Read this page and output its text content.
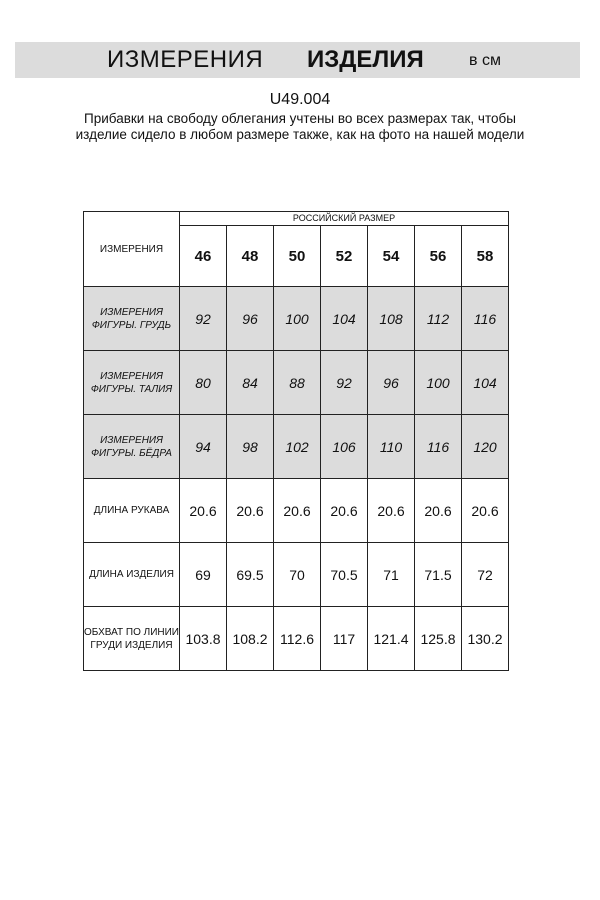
ИЗМЕРЕНИЯ ИЗДЕЛИЯ	в см
U49.004
Прибавки на свободу облегания учтены во всех размерах так, чтобы изделие сидело в любом размере также, как на фото на нашей модели
ИЗМЕРЕНИЯ	РОССИЙСКИЙ РАЗМЕР						
	46	48	50	52	54	56	58
ИЗМЕРЕНИЯ ФИГУРЫ. ГРУДЬ	92	96	100	104	108	112	116
ИЗМЕРЕНИЯ ФИГУРЫ. ТАЛИЯ	80	84	88	92	96	100	104
ИЗМЕРЕНИЯ ФИГУРЫ. БЁДРА	94	98	102	106	110	116	120
ДЛИНА РУКАВА	20.6	20.6	20.6	20.6	20.6	20.6	20.6
ДЛИНА ИЗДЕЛИЯ	69	69.5	70	70.5	71	71.5	72
ОБХВАТ ПО ЛИНИИ ГРУДИ ИЗДЕЛИЯ	103.8	108.2	112.6	117	121.4	125.8	130.2
